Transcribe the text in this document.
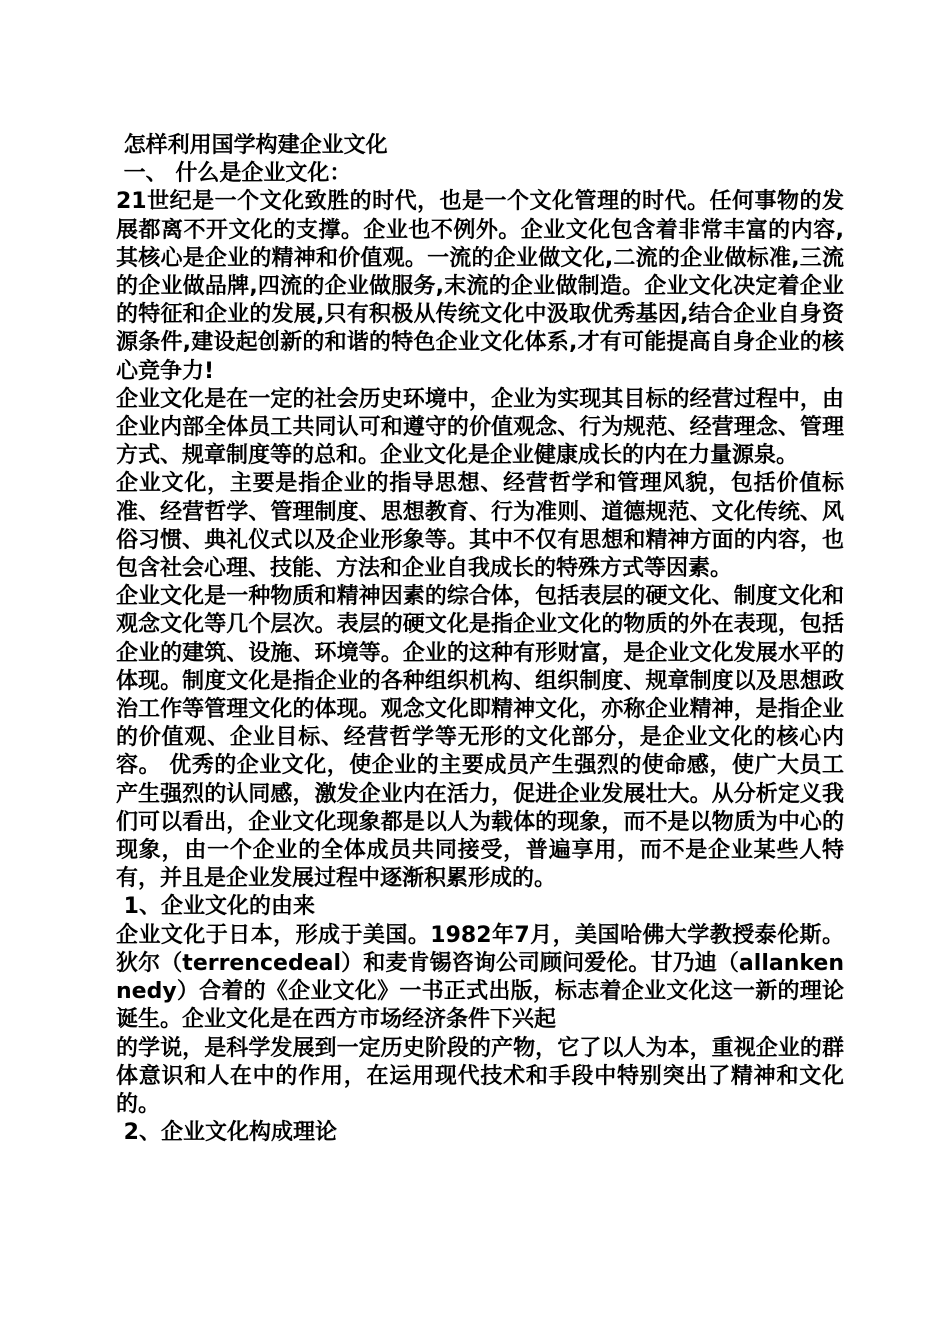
怎样利用国学构建企业文化

一、 什么是企业文化：

21世纪是一个文化致胜的时代，也是一个文化管理的时代。任何事物的发展都离不开文化的支撑。企业也不例外。企业文化包含着非常丰富的内容,其核心是企业的精神和价值观。一流的企业做文化,二流的企业做标准,三流的企业做品牌,四流的企业做服务,末流的企业做制造。企业文化决定着企业的特征和企业的发展,只有积极从传统文化中汲取优秀基因,结合企业自身资源条件,建设起创新的和谐的特色企业文化体系,才有可能提高自身企业的核心竞争力!

企业文化是在一定的社会历史环境中，企业为实现其目标的经营过程中，由企业内部全体员工共同认可和遵守的价值观念、行为规范、经营理念、管理方式、规章制度等的总和。企业文化是企业健康成长的内在力量源泉。

企业文化，主要是指企业的指导思想、经营哲学和管理风貌，包括价值标准、经营哲学、管理制度、思想教育、行为准则、道德规范、文化传统、风俗习惯、典礼仪式以及企业形象等。其中不仅有思想和精神方面的内容，也包含社会心理、技能、方法和企业自我成长的特殊方式等因素。

企业文化是一种物质和精神因素的综合体，包括表层的硬文化、制度文化和观念文化等几个层次。表层的硬文化是指企业文化的物质的外在表现，包括企业的建筑、设施、环境等。企业的这种有形财富，是企业文化发展水平的体现。制度文化是指企业的各种组织机构、组织制度、规章制度以及思想政治工作等管理文化的体现。观念文化即精神文化，亦称企业精神，是指企业的价值观、企业目标、经营哲学等无形的文化部分，是企业文化的核心内容。 优秀的企业文化，使企业的主要成员产生强烈的使命感，使广大员工产生强烈的认同感，激发企业内在活力，促进企业发展壮大。从分析定义我们可以看出，企业文化现象都是以人为载体的现象，而不是以物质为中心的现象，由一个企业的全体成员共同接受，普遍享用，而不是企业某些人特有，并且是企业发展过程中逐渐积累形成的。

1、企业文化的由来

企业文化于日本，形成于美国。1982年7月，美国哈佛大学教授泰伦斯。狄尔（terrencedeal）和麦肯锡咨询公司顾问爱伦。甘乃迪（allankennedy）合着的《企业文化》一书正式出版，标志着企业文化这一新的理论诞生。企业文化是在西方市场经济条件下兴起

的学说，是科学发展到一定历史阶段的产物，它了以人为本，重视企业的群体意识和人在中的作用，在运用现代技术和手段中特别突出了精神和文化的。

2、企业文化构成理论
